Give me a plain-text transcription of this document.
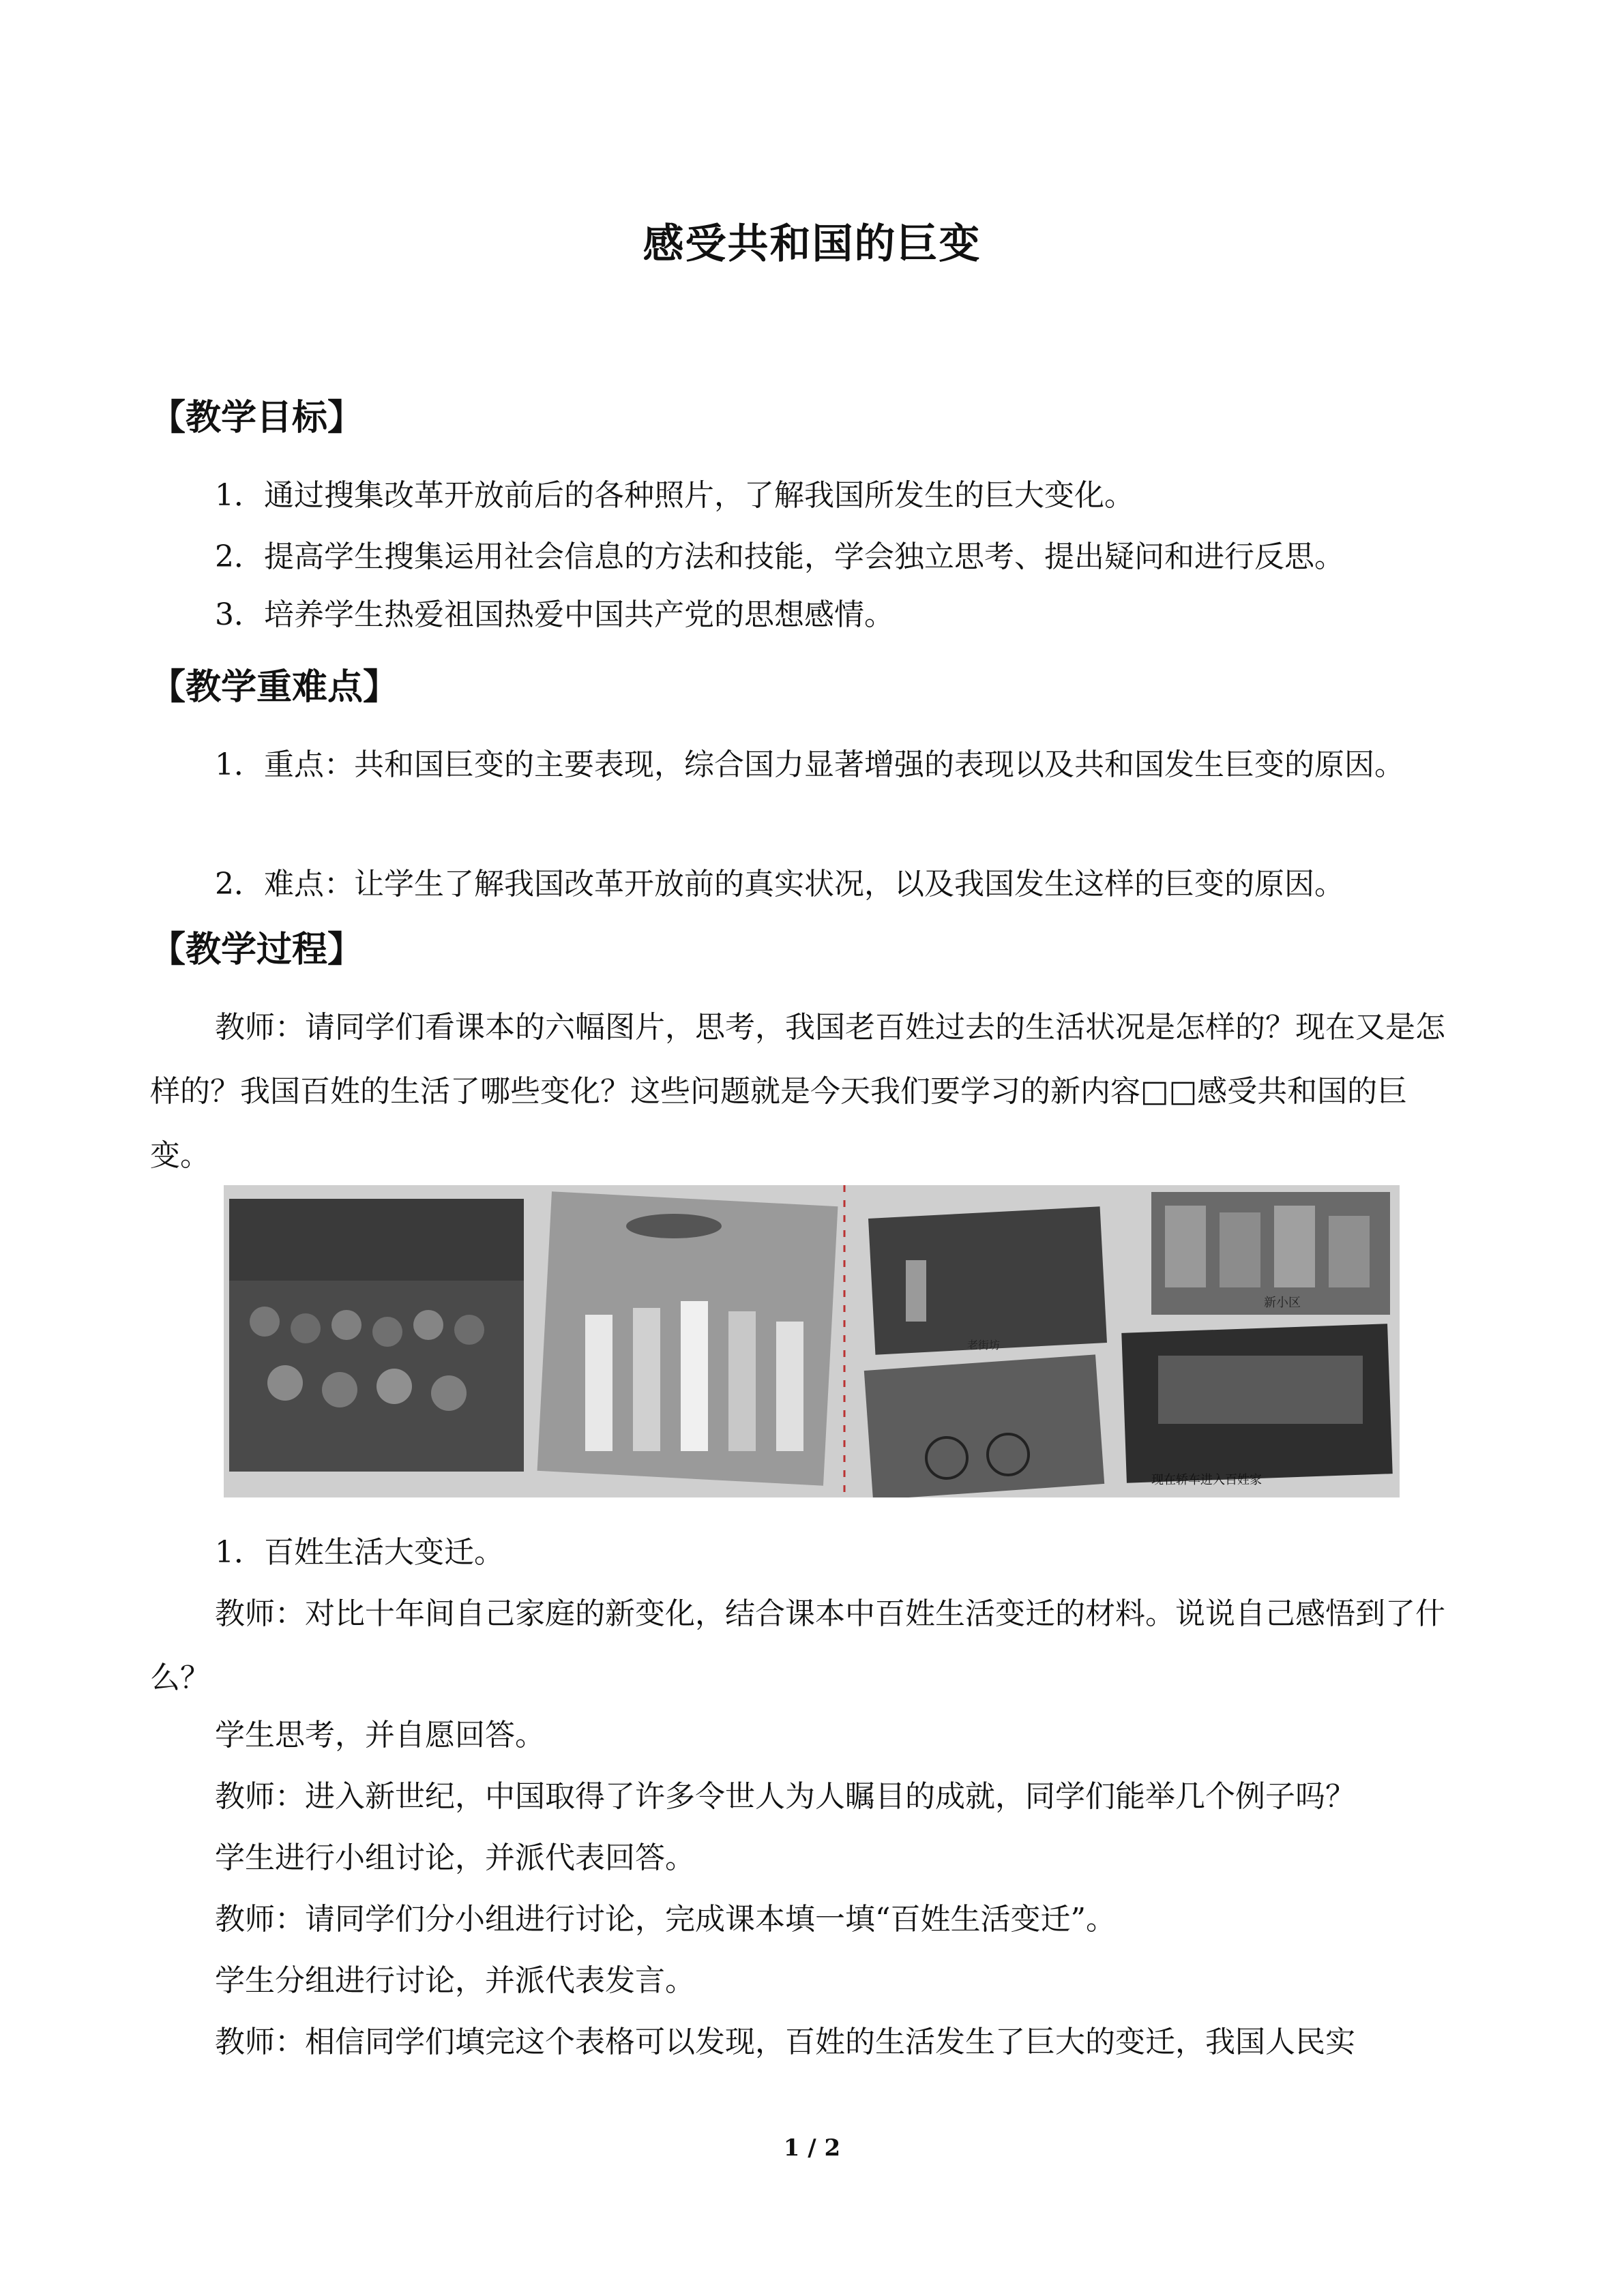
感受共和国的巨变
【教学目标】
1．通过搜集改革开放前后的各种照片，了解我国所发生的巨大变化。
2．提高学生搜集运用社会信息的方法和技能，学会独立思考、提出疑问和进行反思。
3．培养学生热爱祖国热爱中国共产党的思想感情。
【教学重难点】
1．重点：共和国巨变的主要表现，综合国力显著增强的表现以及共和国发生巨变的原因。
2．难点：让学生了解我国改革开放前的真实状况，以及我国发生这样的巨变的原因。
【教学过程】
教师：请同学们看课本的六幅图片，思考，我国老百姓过去的生活状况是怎样的？现在又是怎样的？我国百姓的生活了哪些变化？这些问题就是今天我们要学习的新内容□□感受共和国的巨变。
新小区
老街坊
现在轿车进入百姓家
1．百姓生活大变迁。
教师：对比十年间自己家庭的新变化，结合课本中百姓生活变迁的材料。说说自己感悟到了什么？
学生思考，并自愿回答。
教师：进入新世纪，中国取得了许多令世人为人瞩目的成就，同学们能举几个例子吗？
学生进行小组讨论，并派代表回答。
教师：请同学们分小组进行讨论，完成课本填一填“百姓生活变迁”。
学生分组进行讨论，并派代表发言。
教师：相信同学们填完这个表格可以发现，百姓的生活发生了巨大的变迁，我国人民实
1 / 2
